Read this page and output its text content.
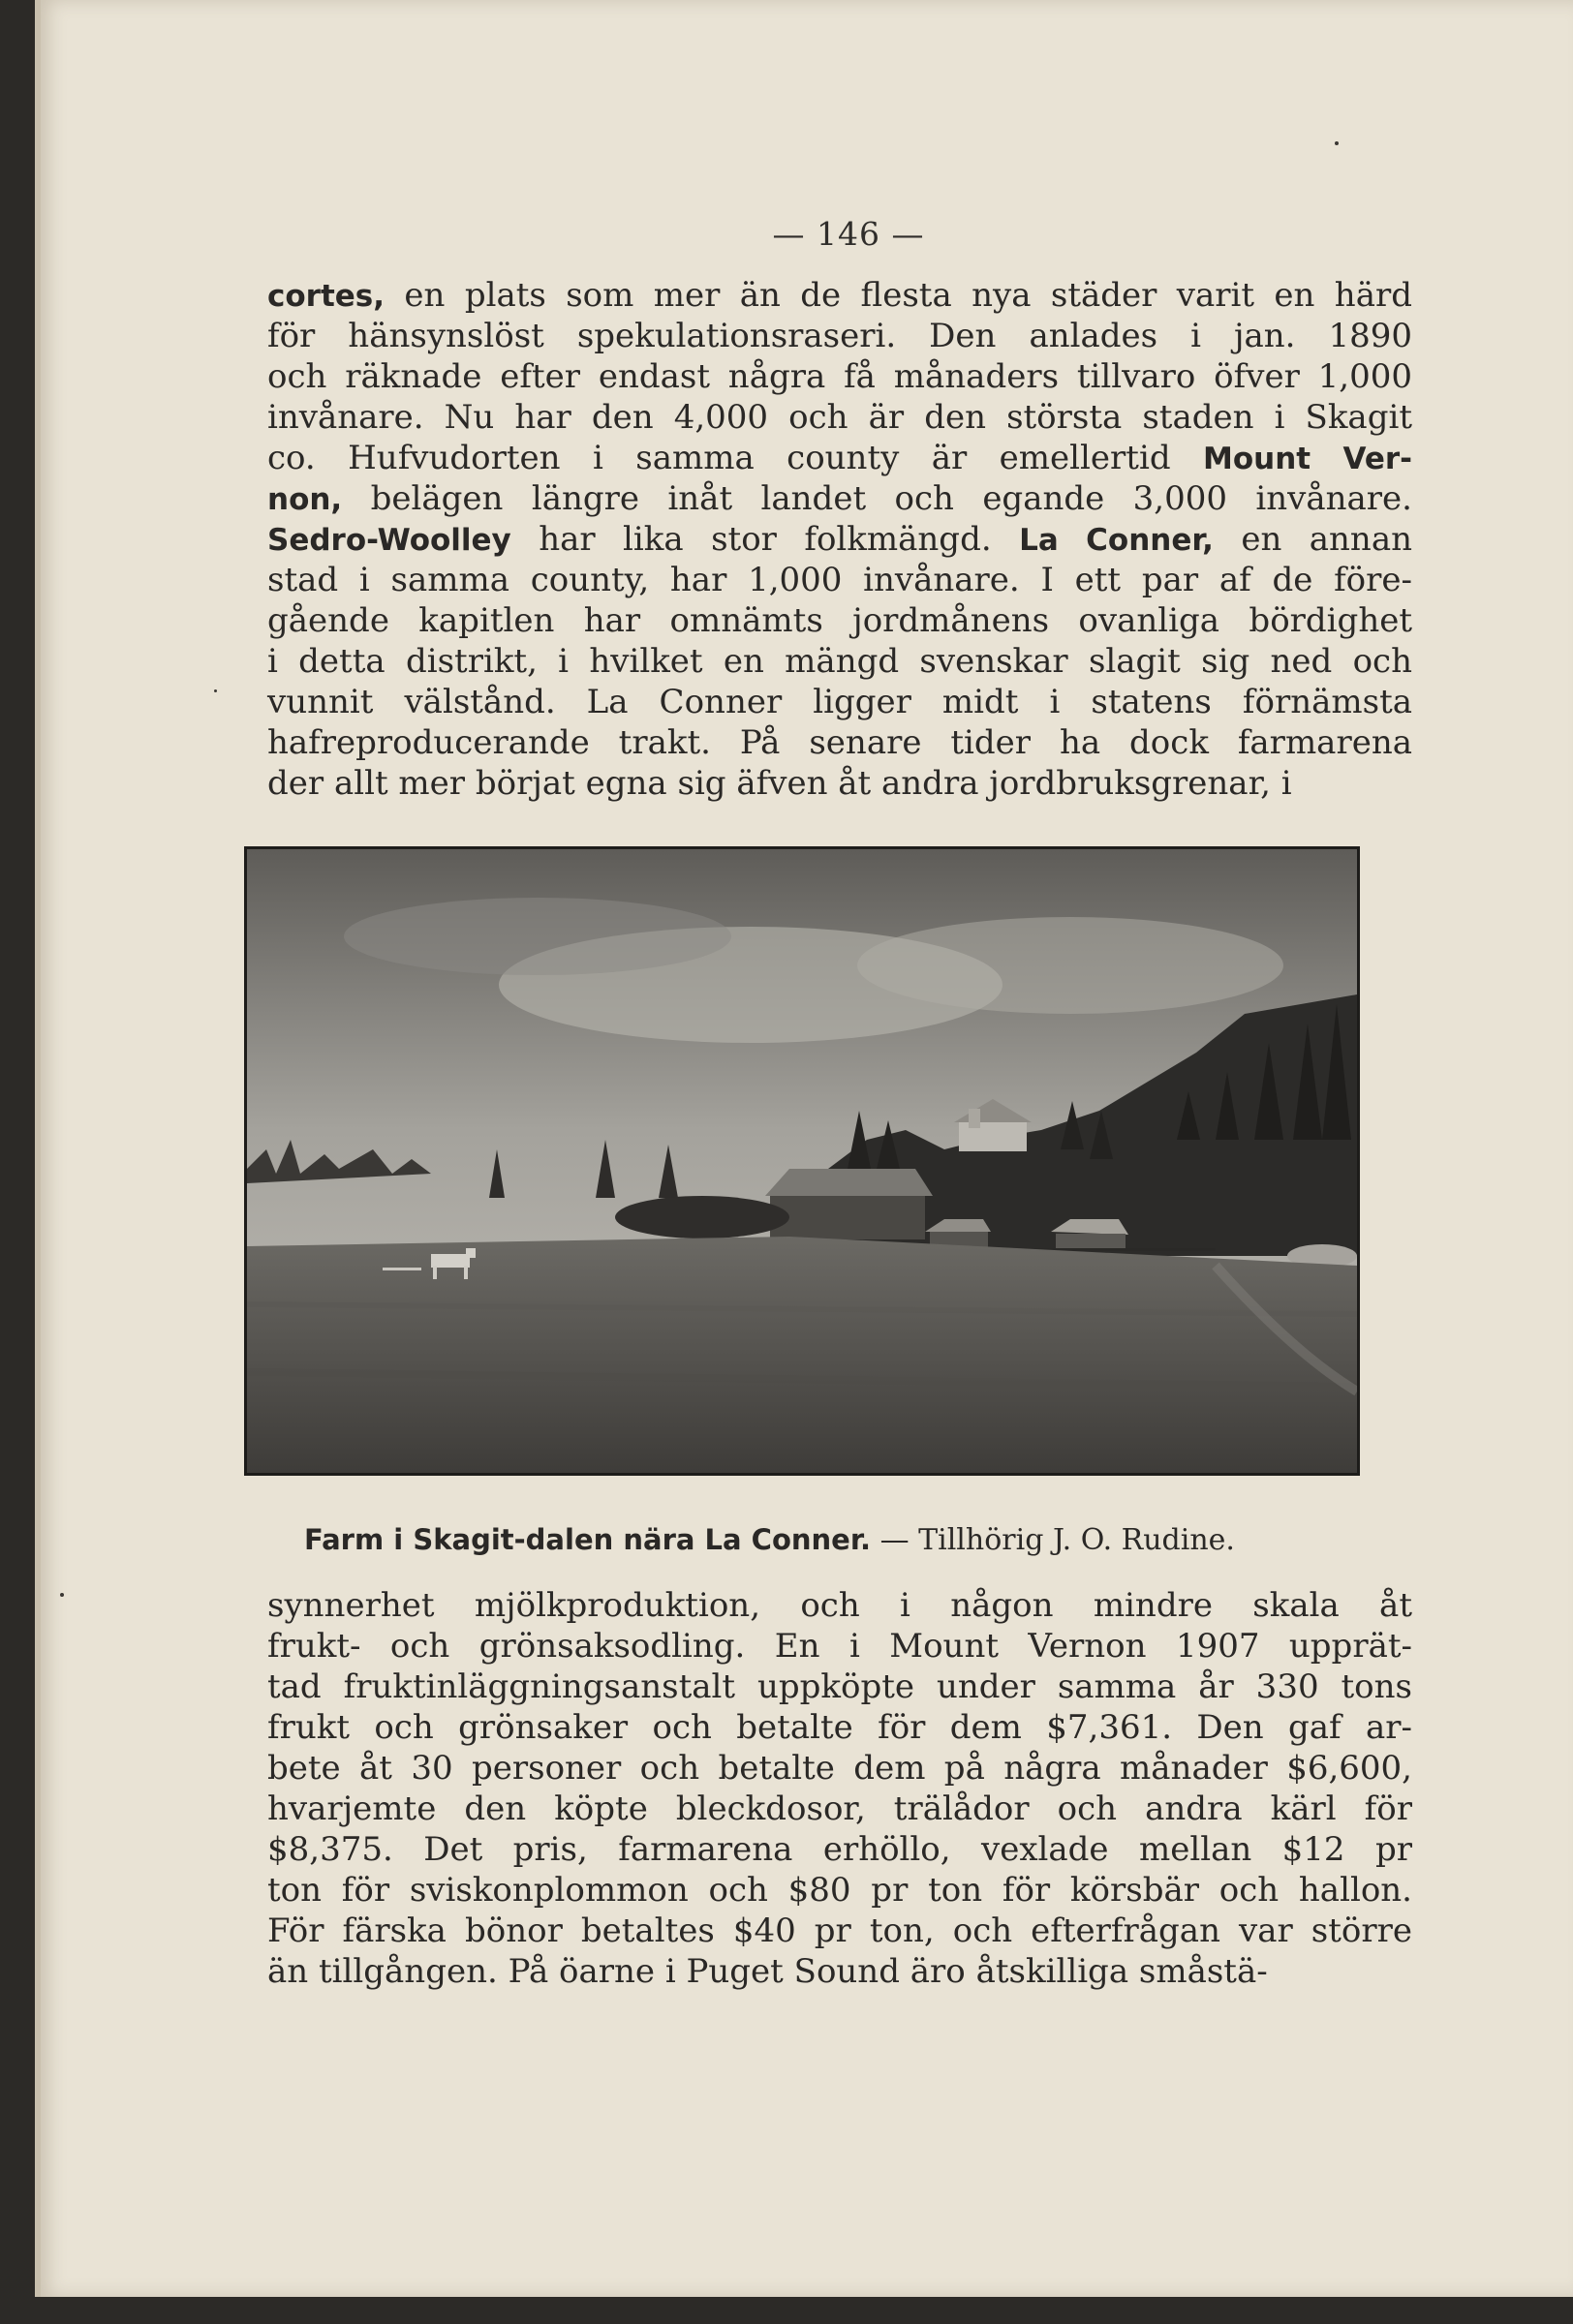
— 146 —
cortes, en plats som mer än de flesta nya städer varit en härd
för hänsynslöst spekulationsraseri. Den anlades i jan. 1890
och räknade efter endast några få månaders tillvaro öfver 1,000
invånare. Nu har den 4,000 och är den största staden i Skagit
co. Hufvudorten i samma county är emellertid Mount Ver-
non, belägen längre inåt landet och egande 3,000 invånare.
Sedro-Woolley har lika stor folkmängd. La Conner, en annan
stad i samma county, har 1,000 invånare. I ett par af de före-
gående kapitlen har omnämts jordmånens ovanliga bördighet
i detta distrikt, i hvilket en mängd svenskar slagit sig ned och
vunnit välstånd. La Conner ligger midt i statens förnämsta
hafreproducerande trakt. På senare tider ha dock farmarena
der allt mer börjat egna sig äfven åt andra jordbruksgrenar, i
Farm i Skagit-dalen nära La Conner. — Tillhörig J. O. Rudine.
synnerhet mjölkproduktion, och i någon mindre skala åt
frukt- och grönsaksodling. En i Mount Vernon 1907 upprät-
tad fruktinläggningsanstalt uppköpte under samma år 330 tons
frukt och grönsaker och betalte för dem $7,361. Den gaf ar-
bete åt 30 personer och betalte dem på några månader $6,600,
hvarjemte den köpte bleckdosor, trälådor och andra kärl för
$8,375. Det pris, farmarena erhöllo, vexlade mellan $12 pr
ton för sviskonplommon och $80 pr ton för körsbär och hallon.
För färska bönor betaltes $40 pr ton, och efterfrågan var större
än tillgången. På öarne i Puget Sound äro åtskilliga småstä-
